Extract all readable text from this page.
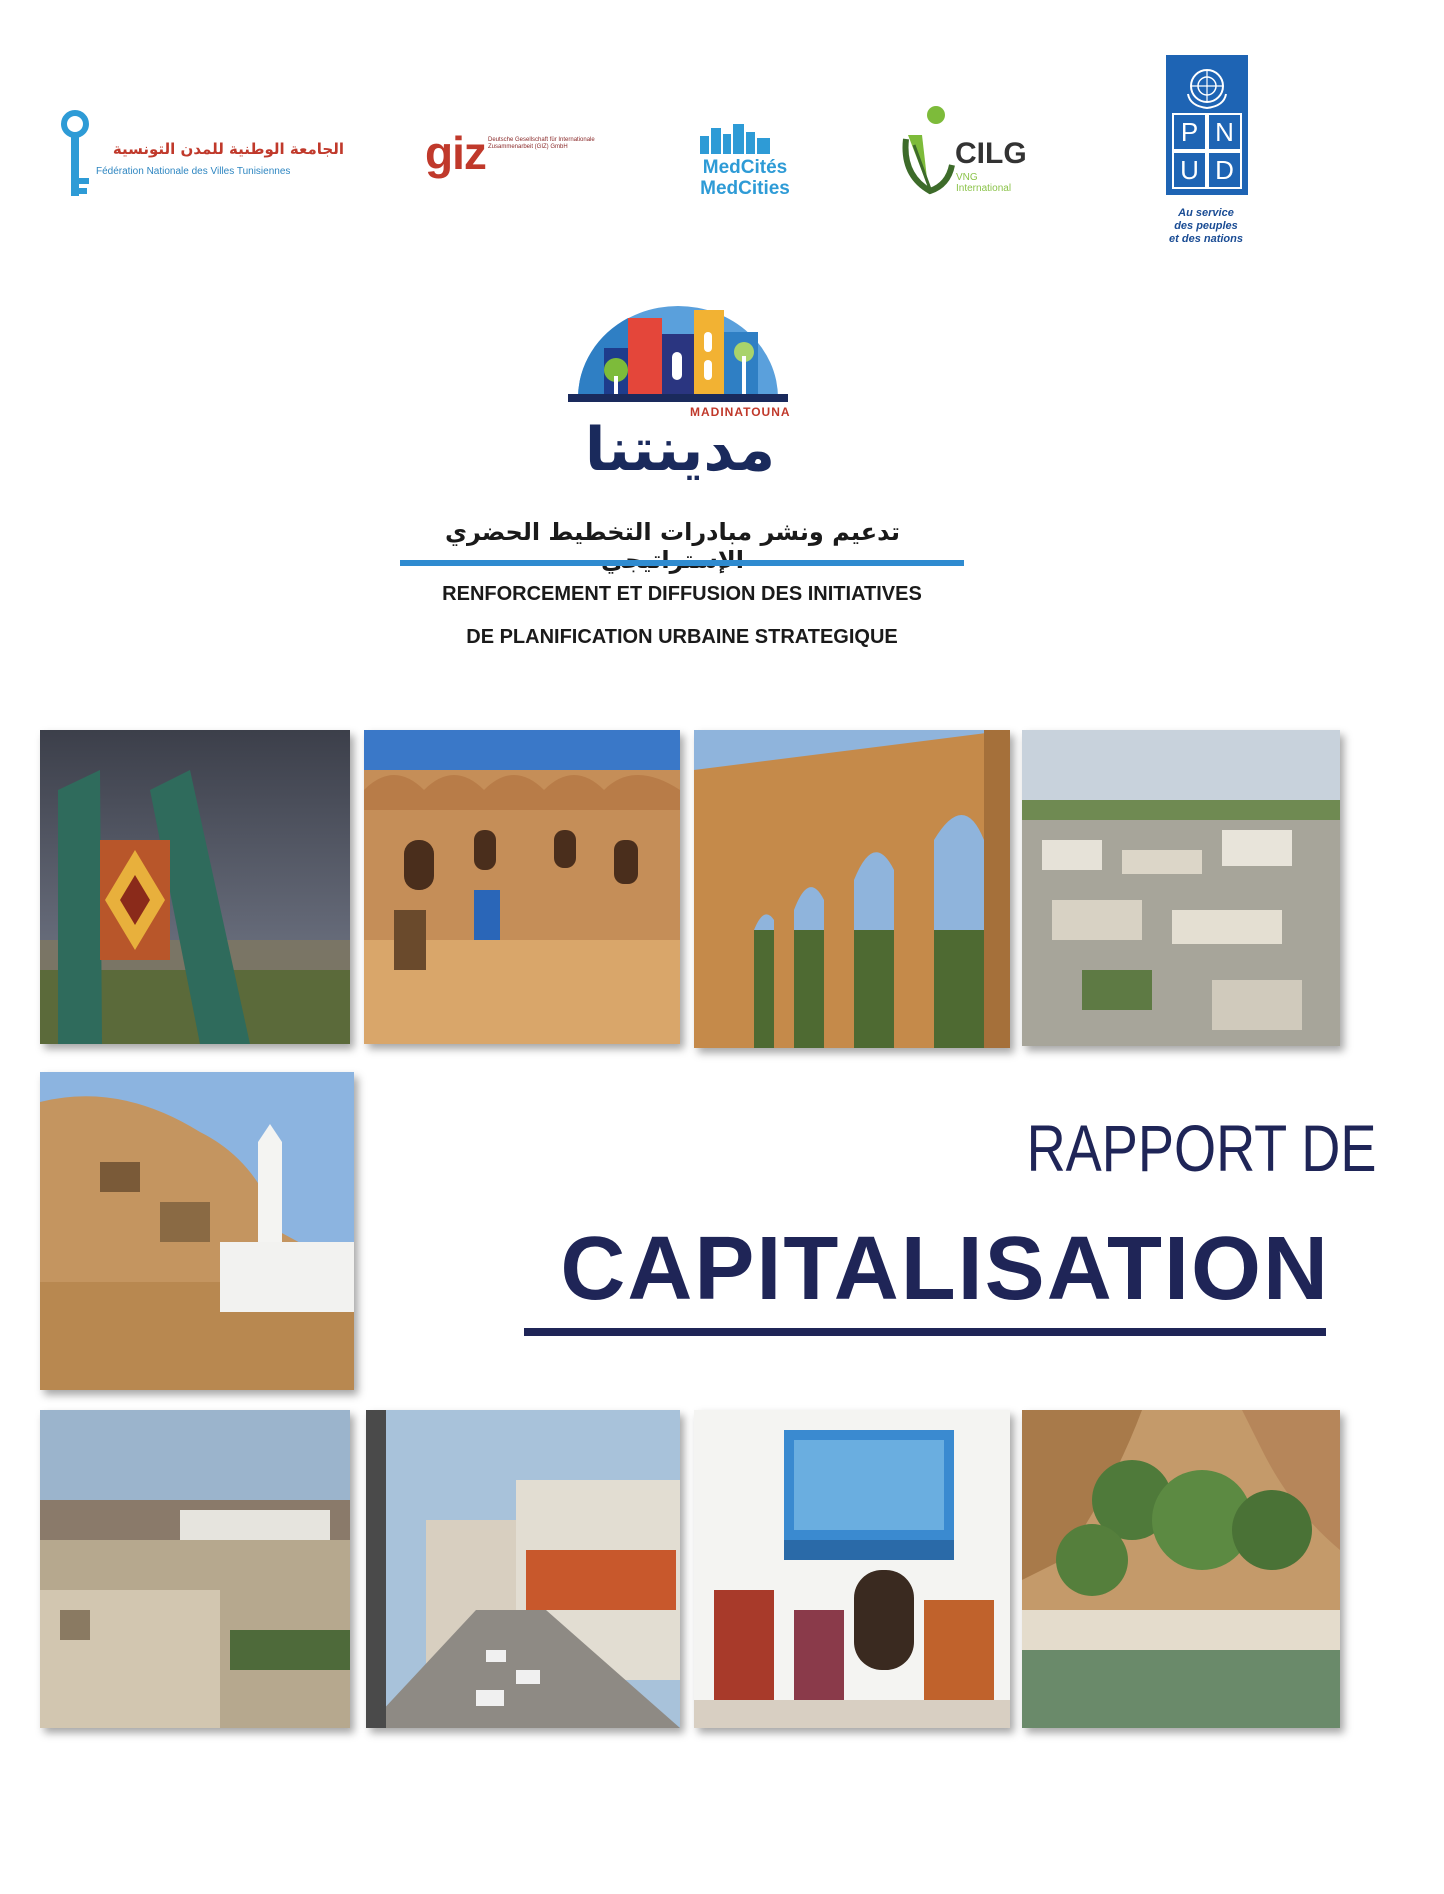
الجامعة الوطنية للمدن التونسية
Fédération Nationale des Villes Tunisiennes	giz Deutsche Gesellschaft für Internationale Zusammenarbeit (GIZ) GmbH
MedCités
MedCities
CILG
VNG International
P N
U D
Au service
des peuples
et des nations
MADINATOUNA
مدينتنا
تدعيم ونشر مبادرات التخطيط الحضري
RENFORCEMENT ET DIFFUSION DES INITIATIVES
DE PLANIFICATION URBAINE STRATEGIQUE
RAPPORT DE
CAPITALISATION
